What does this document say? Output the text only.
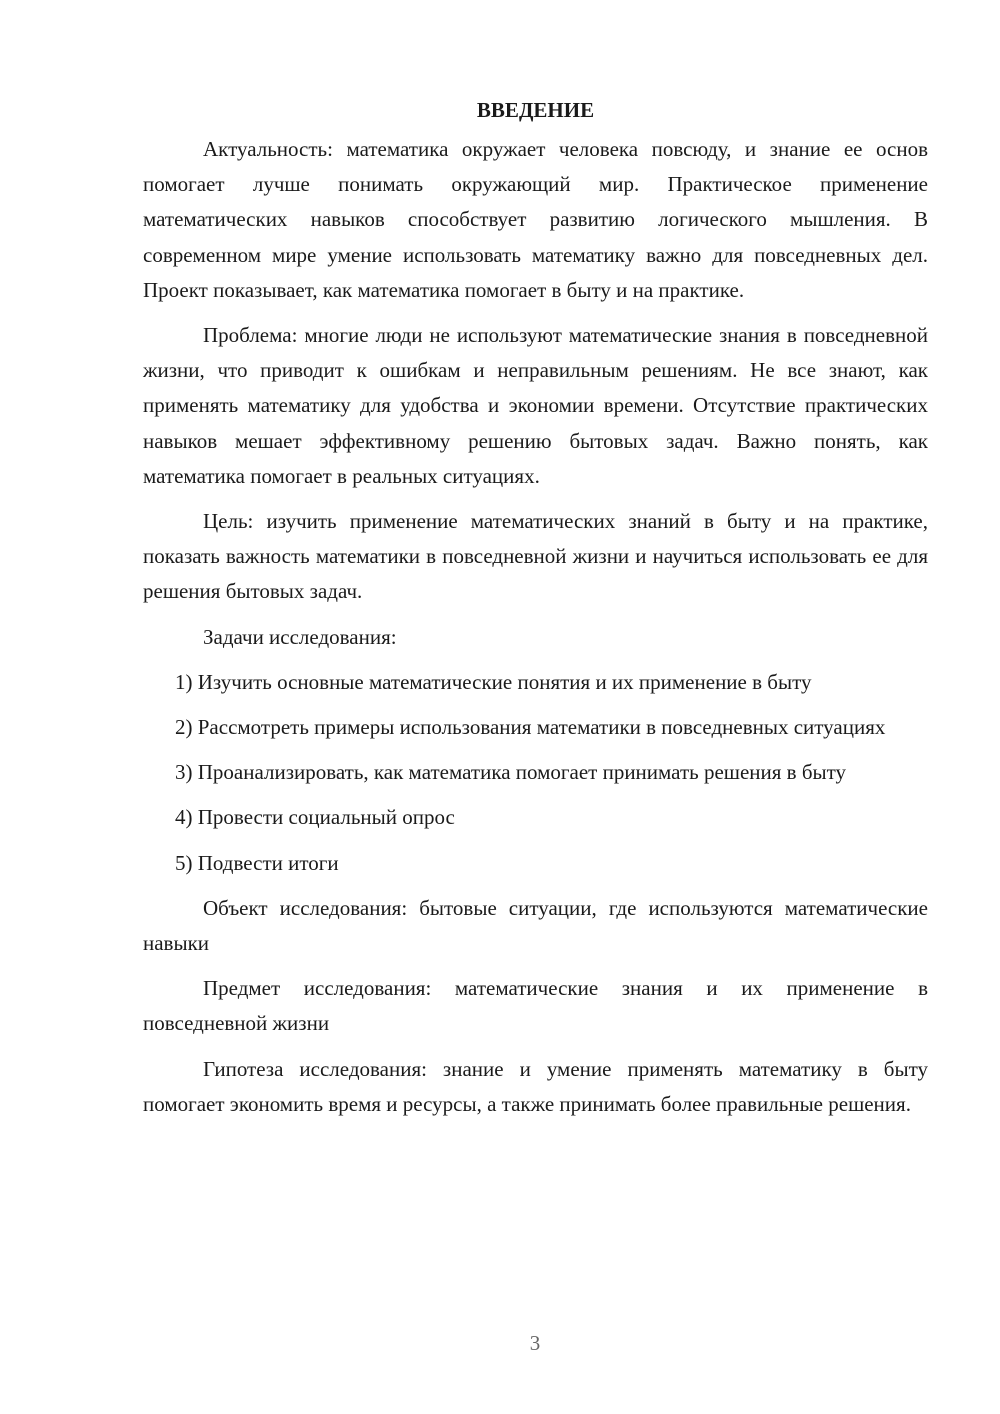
ВВЕДЕНИЕ

Актуальность: математика окружает человека повсюду, и знание ее основ помогает лучше понимать окружающий мир. Практическое применение математических навыков способствует развитию логического мышления. В современном мире умение использовать математику важно для повседневных дел. Проект показывает, как математика помогает в быту и на практике.

Проблема: многие люди не используют математические знания в повседневной жизни, что приводит к ошибкам и неправильным решениям. Не все знают, как применять математику для удобства и экономии времени. Отсутствие практических навыков мешает эффективному решению бытовых задач. Важно понять, как математика помогает в реальных ситуациях.

Цель: изучить применение математических знаний в быту и на практике, показать важность математики в повседневной жизни и научиться использовать ее для решения бытовых задач.

Задачи исследования:

1) Изучить основные математические понятия и их применение в быту

2) Рассмотреть примеры использования математики в повседневных ситуациях

3) Проанализировать, как математика помогает принимать решения в быту

4) Провести социальный опрос

5) Подвести итоги

Объект исследования: бытовые ситуации, где используются математические навыки

Предмет исследования: математические знания и их применение в повседневной жизни

Гипотеза исследования: знание и умение применять математику в быту помогает экономить время и ресурсы, а также принимать более правильные решения.

3
